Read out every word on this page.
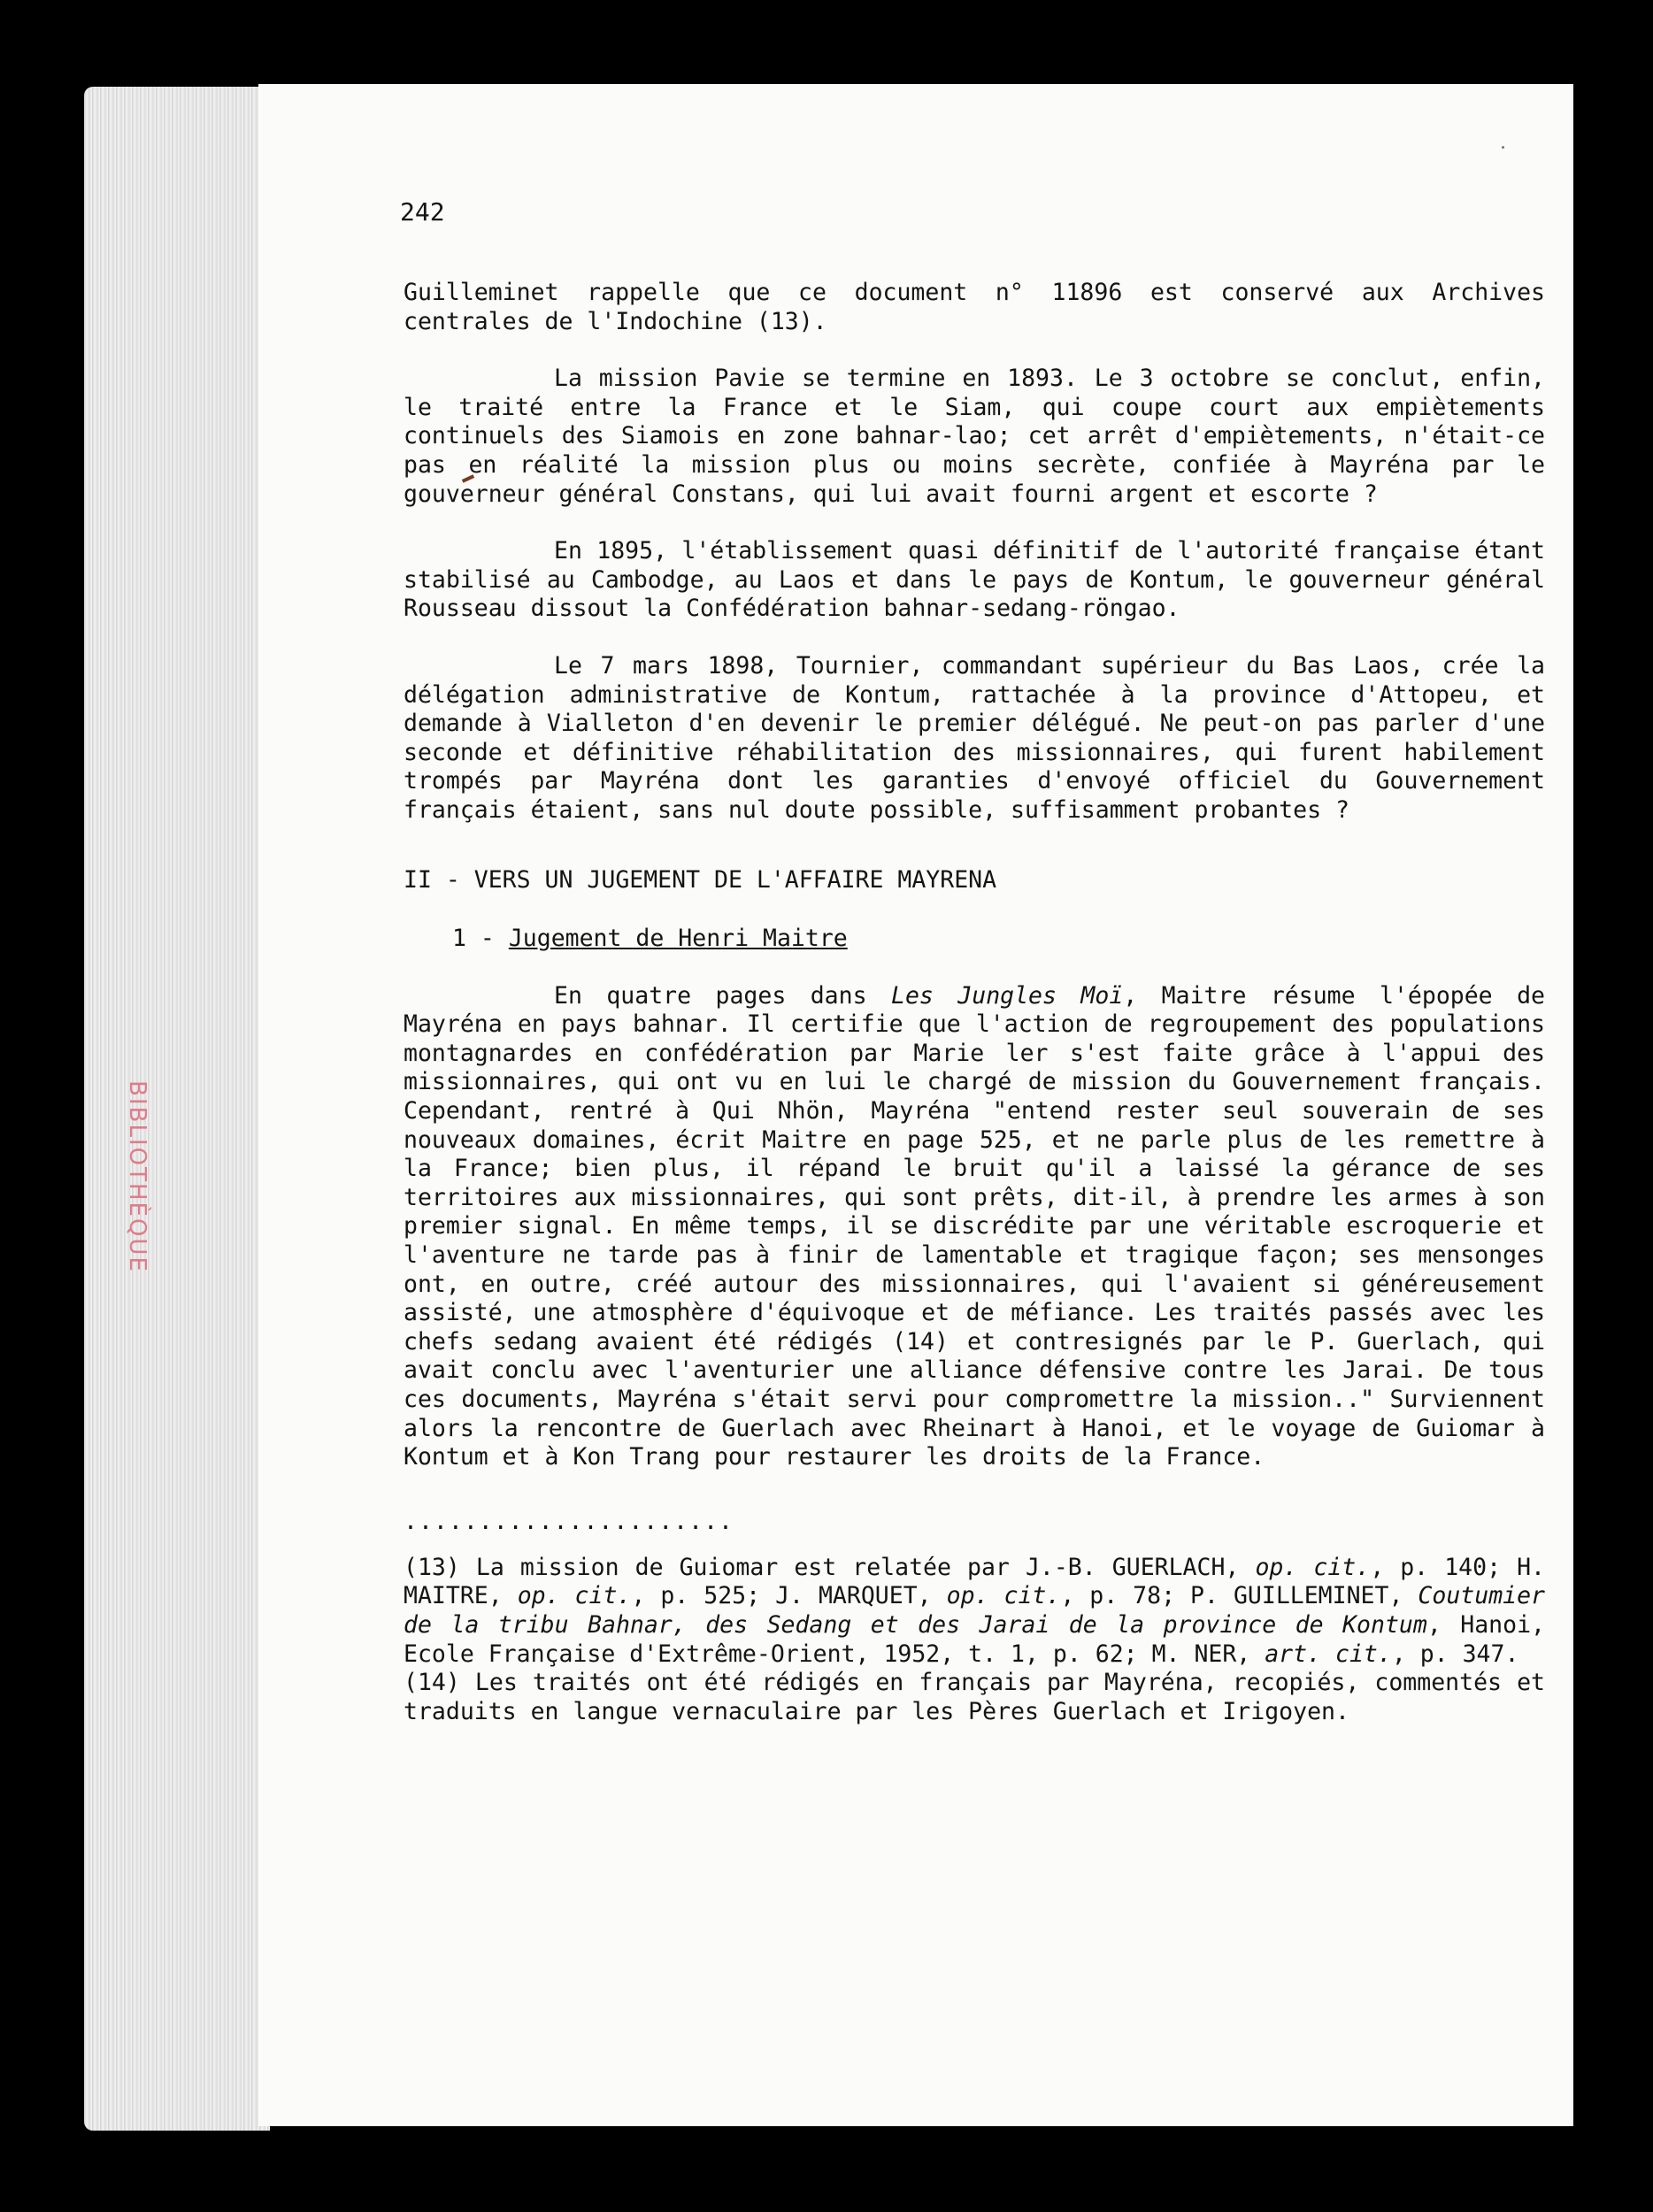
BIBLIOTHÈQUE
242

Guilleminet rappelle que ce document n° 11896 est conservé aux Archives centrales de l'Indochine (13).

La mission Pavie se termine en 1893. Le 3 octobre se conclut, enfin, le traité entre la France et le Siam, qui coupe court aux empiètements continuels des Siamois en zone bahnar-lao; cet arrêt d'empiètements, n'était-ce pas en réalité la mission plus ou moins secrète, confiée à Mayréna par le gouverneur général Constans, qui lui avait fourni argent et escorte ?

En 1895, l'établissement quasi définitif de l'autorité française étant stabilisé au Cambodge, au Laos et dans le pays de Kontum, le gouverneur général Rousseau dissout la Confédération bahnar-sedang-röngao.

Le 7 mars 1898, Tournier, commandant supérieur du Bas Laos, crée la délégation administrative de Kontum, rattachée à la province d'Attopeu, et demande à Vialleton d'en devenir le premier délégué. Ne peut-on pas parler d'une seconde et définitive réhabilitation des missionnaires, qui furent habilement trompés par Mayréna dont les garanties d'envoyé officiel du Gouvernement français étaient, sans nul doute possible, suffisamment probantes ?

II - VERS UN JUGEMENT DE L'AFFAIRE MAYRENA

1 - Jugement de Henri Maitre

En quatre pages dans Les Jungles Moï, Maitre résume l'épopée de Mayréna en pays bahnar. Il certifie que l'action de regroupement des populations montagnardes en confédération par Marie ler s'est faite grâce à l'appui des missionnaires, qui ont vu en lui le chargé de mission du Gouvernement français. Cependant, rentré à Qui Nhön, Mayréna "entend rester seul souverain de ses nouveaux domaines, écrit Maitre en page 525, et ne parle plus de les remettre à la France; bien plus, il répand le bruit qu'il a laissé la gérance de ses territoires aux missionnaires, qui sont prêts, dit-il, à prendre les armes à son premier signal. En même temps, il se discrédite par une véritable escroquerie et l'aventure ne tarde pas à finir de lamentable et tragique façon; ses mensonges ont, en outre, créé autour des missionnaires, qui l'avaient si généreusement assisté, une atmosphère d'équivoque et de méfiance. Les traités passés avec les chefs sedang avaient été rédigés (14) et contresignés par le P. Guerlach, qui avait conclu avec l'aventurier une alliance défensive contre les Jarai. De tous ces documents, Mayréna s'était servi pour compromettre la mission.." Surviennent alors la rencontre de Guerlach avec Rheinart à Hanoi, et le voyage de Guiomar à Kontum et à Kon Trang pour restaurer les droits de la France.

......................

(13) La mission de Guiomar est relatée par J.-B. GUERLACH, op. cit., p. 140; H. MAITRE, op. cit., p. 525; J. MARQUET, op. cit., p. 78; P. GUILLEMINET, Coutumier de la tribu Bahnar, des Sedang et des Jarai de la province de Kontum, Hanoi, Ecole Française d'Extrême-Orient, 1952, t. 1, p. 62; M. NER, art. cit., p. 347.

(14) Les traités ont été rédigés en français par Mayréna, recopiés, commentés et traduits en langue vernaculaire par les Pères Guerlach et Irigoyen.
